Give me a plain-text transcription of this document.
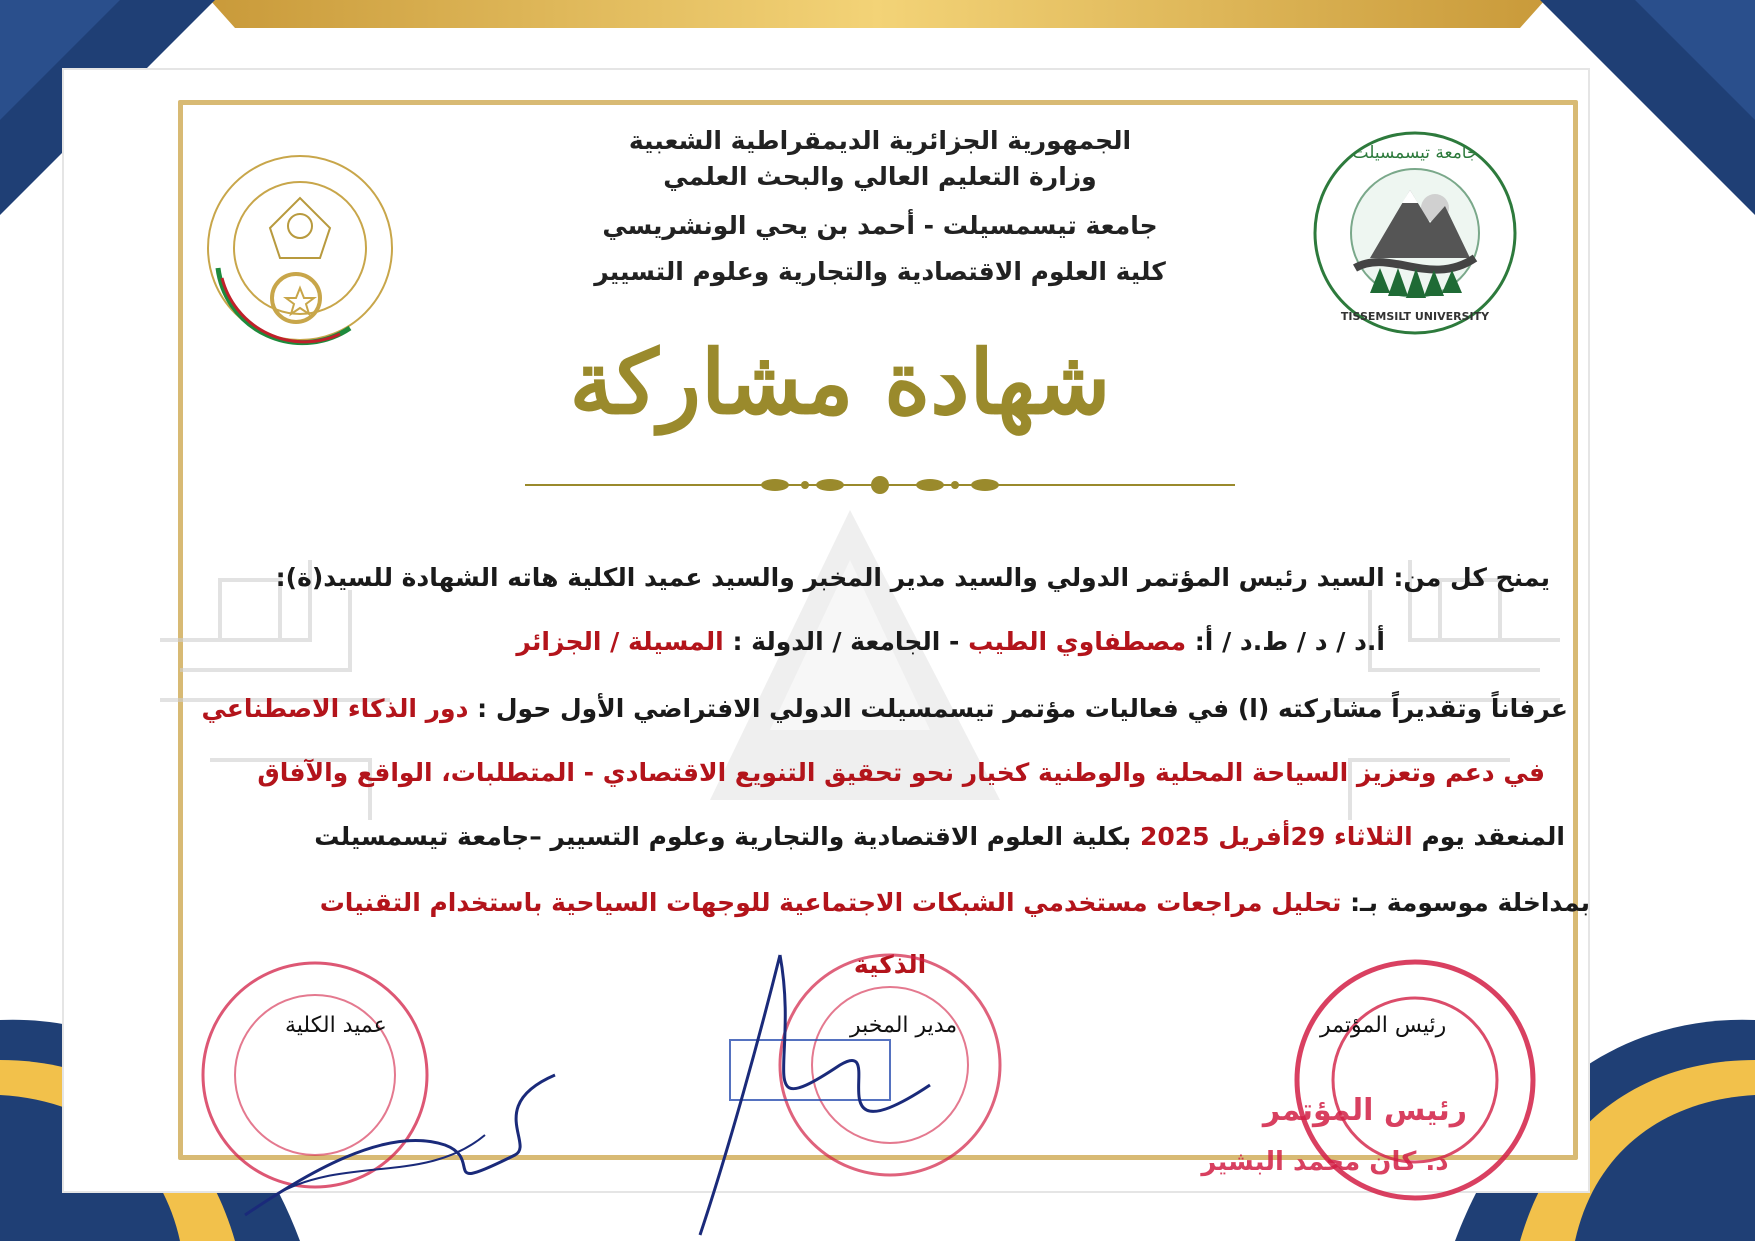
جامعة تيسمسيلت
TISSEMSILT UNIVERSITY
الجمهورية الجزائرية الديمقراطية الشعبية
وزارة التعليم العالي والبحث العلمي
جامعة تيسمسيلت - أحمد بن يحي الونشريسي
كلية العلوم الاقتصادية والتجارية وعلوم التسيير
شهادة مشاركة
يمنح كل من: السيد رئيس المؤتمر الدولي والسيد مدير المخبر والسيد عميد الكلية هاته الشهادة للسيد(ة):
أ.د / د / ط.د / أ: مصطفاوي الطيب - الجامعة / الدولة : المسيلة / الجزائر
عرفاناً وتقديراً مشاركته (ا) في فعاليات مؤتمر تيسمسيلت الدولي الافتراضي الأول حول : دور الذكاء الاصطناعي
في دعم وتعزيز السياحة المحلية والوطنية كخيار نحو تحقيق التنويع الاقتصادي - المتطلبات، الواقع والآفاق
المنعقد يوم الثلاثاء 29أفريل 2025 بكلية العلوم الاقتصادية والتجارية وعلوم التسيير –جامعة تيسمسيلت
بمداخلة موسومة بـ: تحليل مراجعات مستخدمي الشبكات الاجتماعية للوجهات السياحية باستخدام التقنيات
الذكية
رئيس المؤتمر
د. كان محمد البشير
عميد الكلية	مدير المخبر	رئيس المؤتمر
